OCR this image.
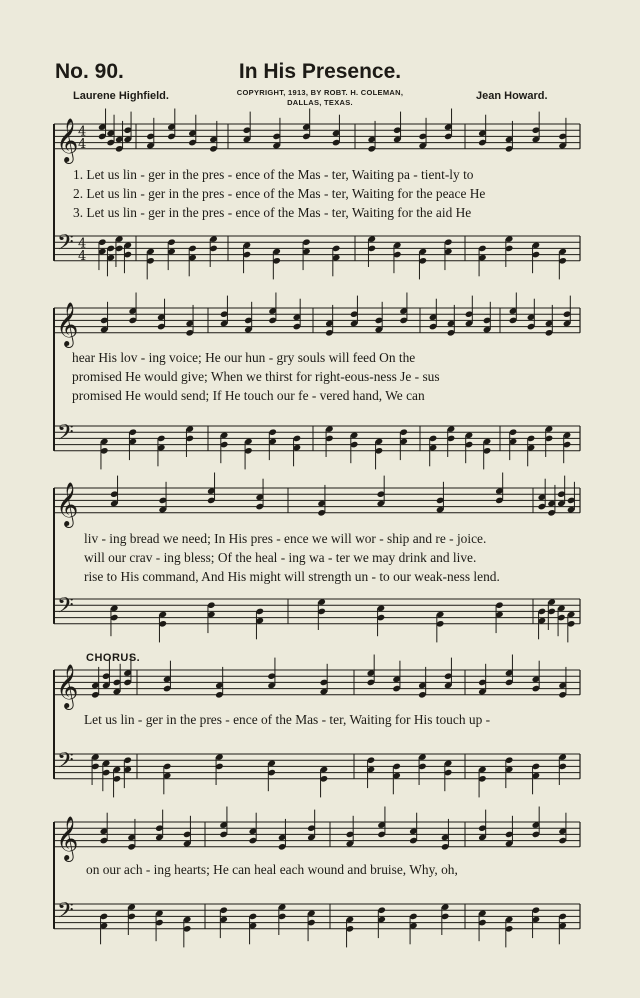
No. 90.	In His Presence.
Laurene Highfield.	COPYRIGHT, 1913, BY ROBT. H. COLEMAN,
DALLAS, TEXAS.
Jean Howard.
𝄞 4
4
𝄢 4
4
𝄞
𝄢
𝄞
𝄢
𝄞
𝄢
𝄞
𝄢
1. Let us lin - ger in the pres - ence of the Mas - ter, Waiting pa - tient-ly to
2. Let us lin - ger in the pres - ence of the Mas - ter, Waiting for the peace He
3. Let us lin - ger in the pres - ence of the Mas - ter, Waiting for the aid He
hear His lov - ing voice; He our hun - gry souls will feed On the
promised He would give; When we thirst for right-eous-ness Je - sus
promised He would send; If He touch our fe - vered hand, We can
liv - ing bread we need; In His pres - ence we will wor - ship and re - joice.
will our crav - ing bless; Of the heal - ing wa - ter we may drink and live.
rise to His command, And His might will strength un - to our weak-ness lend.
CHORUS.
Let us lin - ger in the pres - ence of the Mas - ter, Waiting for His touch up -
on our ach - ing hearts; He can heal each wound and bruise, Why, oh,
